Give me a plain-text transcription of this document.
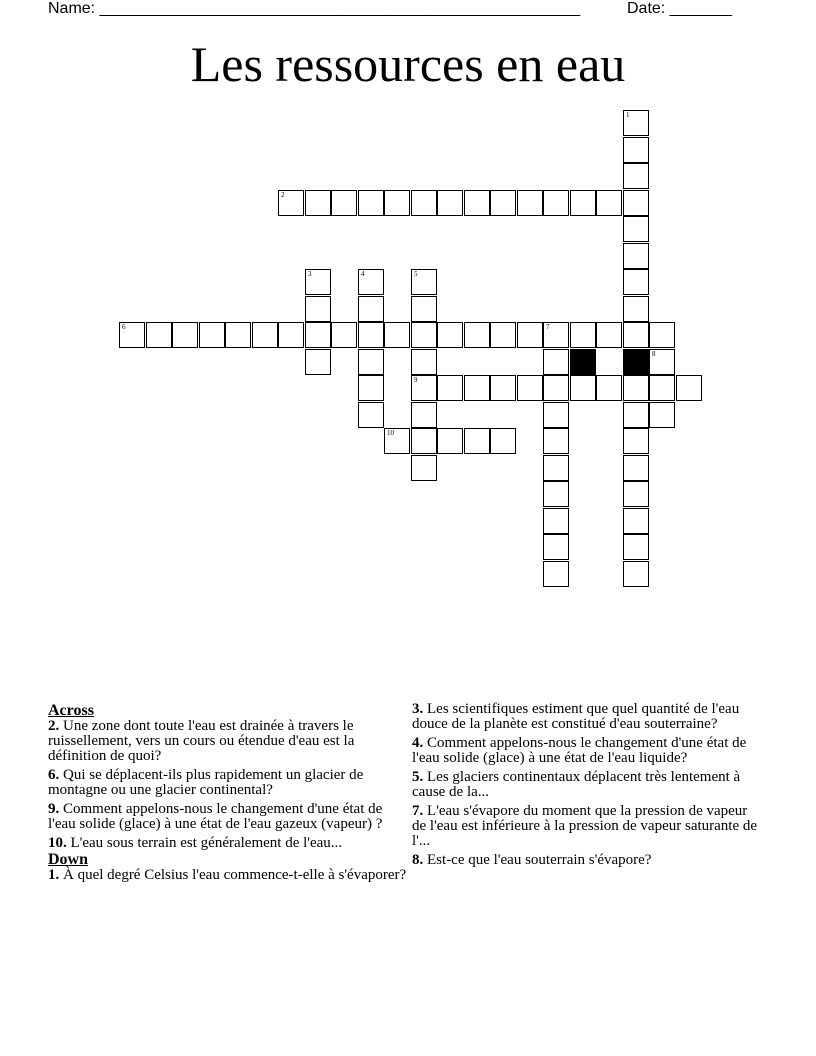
Name: ______________________________________________________	Date: _______
Les ressources en eau
1
2
3	4	5
9
6	7
8
10
Across
2. Une zone dont toute l'eau est drainée à travers le ruissellement, vers un cours ou étendue d'eau est la définition de quoi?
6. Qui se déplacent-ils plus rapidement un glacier de montagne ou une glacier continental?
9. Comment appelons-nous le changement d'une état de l'eau solide (glace) à une état de l'eau gazeux (vapeur) ?
10. L'eau sous terrain est généralement de l'eau...
Down
1. À quel degré Celsius l'eau commence-t-elle à s'évaporer?
3. Les scientifiques estiment que quel quantité de l'eau douce de la planète est constitué d'eau souterraine?
4. Comment appelons-nous le changement d'une état de l'eau solide (glace) à une état de l'eau liquide?
5. Les glaciers continentaux déplacent très lentement à cause de la...
7. L'eau s'évapore du moment que la pression de vapeur de l'eau est inférieure à la pression de vapeur saturante de l'...
8. Est-ce que l'eau souterrain s'évapore?
